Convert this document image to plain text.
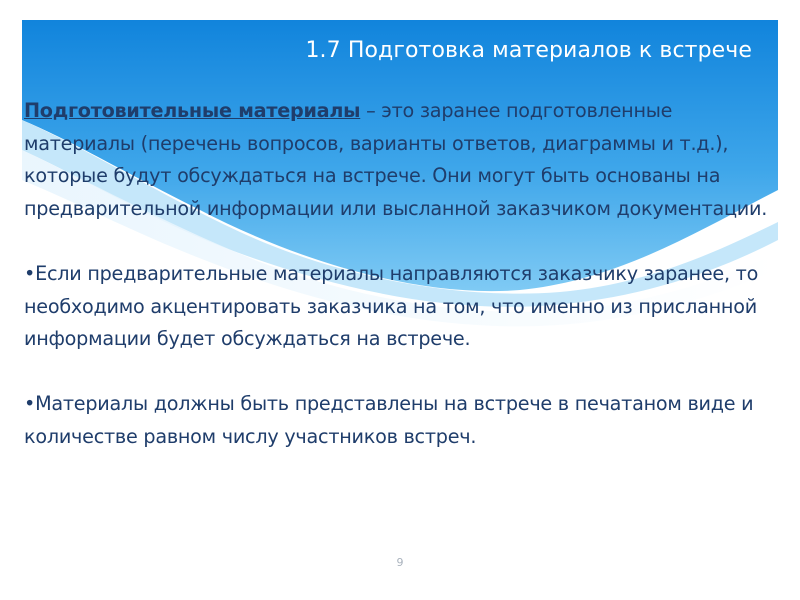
1.7 Подготовка материалов к встрече

Подготовительные материалы – это заранее подготовленные материалы (перечень вопросов, варианты ответов, диаграммы и т.д.), которые будут обсуждаться на встрече. Они могут быть основаны на предварительной информации или высланной заказчиком документации.

•Если предварительные материалы направляются заказчику заранее, то необходимо акцентировать заказчика на том, что именно из присланной информации будет обсуждаться на встрече.

•Материалы должны быть представлены на встрече в печатаном виде и количестве равном числу участников встреч.

9
